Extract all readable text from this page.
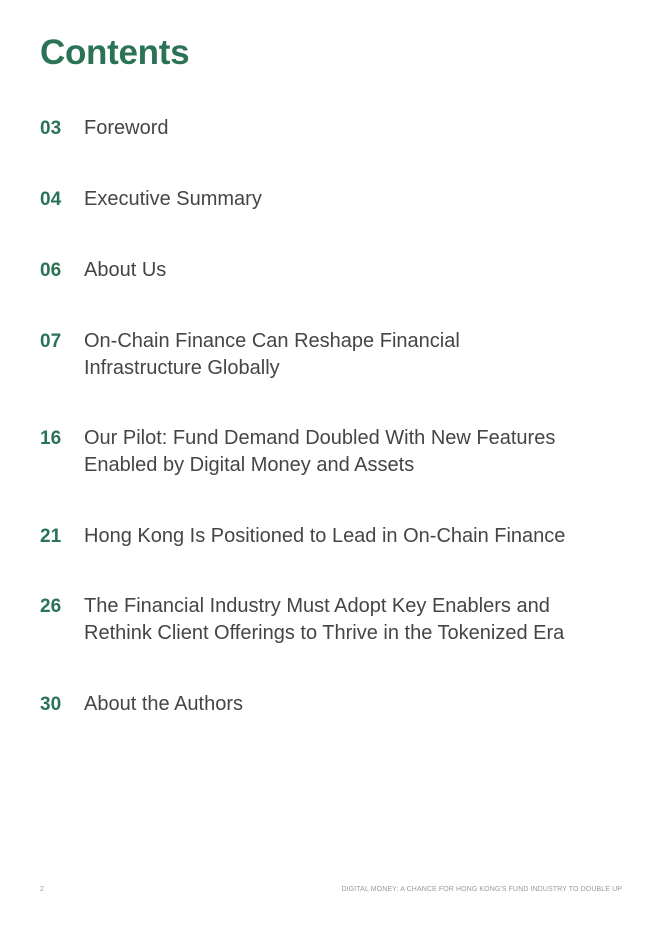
Contents
03	Foreword
04	Executive Summary
06	About Us
07	On-Chain Finance Can Reshape Financial
Infrastructure Globally
16	Our Pilot: Fund Demand Doubled With New Features
Enabled by Digital Money and Assets
21	Hong Kong Is Positioned to Lead in On-Chain Finance
26	The Financial Industry Must Adopt Key Enablers and
Rethink Client Offerings to Thrive in the Tokenized Era
30	About the Authors
2	DIGITAL MONEY: A CHANCE FOR HONG KONG'S FUND INDUSTRY TO DOUBLE UP
